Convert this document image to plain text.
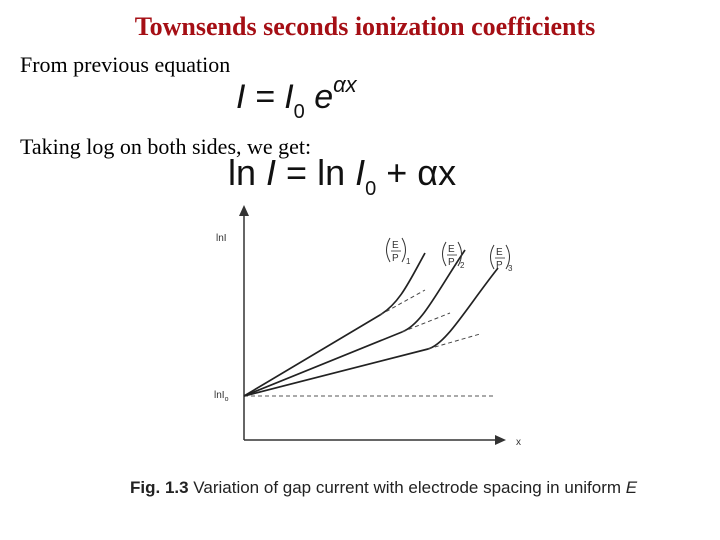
Townsends seconds ionization coefficients
From previous equation
$I = I_0$ $e^{\alpha x}$
Taking log on both sides, we get:
$\ln I = \ln I_0 + \alpha x$
lnI
x
lnI$_o$
E
P 1
E
P 2
E
P 3
Fig. 1.3 Variation of gap current with electrode spacing in uniform E
